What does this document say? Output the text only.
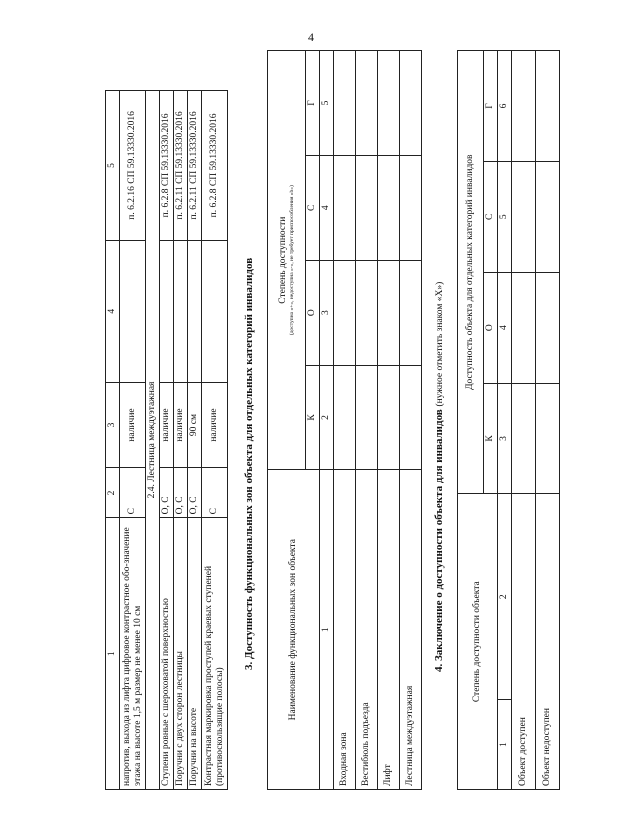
4
1	2	3	4	5
напротив, выхода из лифта цифровое контрастное обо-значение этажа на высоте 1,5 м размер не менее 10 см	С	наличие		п. 6.2.16 СП 59.13330.2016
2.4. Лестница междуэтажная				
Ступени ровные с шероховатой поверхностью	О, С	наличие		п. 6.2.8 СП 59.13330.2016
Поручни с двух сторон лестницы	О, С	наличие		п. 6.2.11 СП 59.13330.2016
Поручни на высоте	О, С	90 см		п. 6.2.11 СП 59.13330.2016
Контрастная маркировка проступей краевых ступеней (противоскользящие полосы)	С	наличие		п. 6.2.8 СП 59.13330.2016
3. Доступность функциональных зон объекта для отдельных категорий инвалидов	Наименование функциональных зон объекта	Степень доступности (доступна «+», недоступна «-», не требует приспособления «b»)			

	К	О	С	Г
1	2	3	4	5
Входная зона				
Вестибюль подъезда				
Лифт				
Лестница междуэтажная				
4. Заключение о доступности объекта для инвалидов (нужное отметить знаком «Х»)
Степень доступности объекта		Доступность объекта для отдельных категорий инвалидов			
		К	О	С	Г
1	2	3	4	5	6
Объект доступен					
Объект недоступен					
